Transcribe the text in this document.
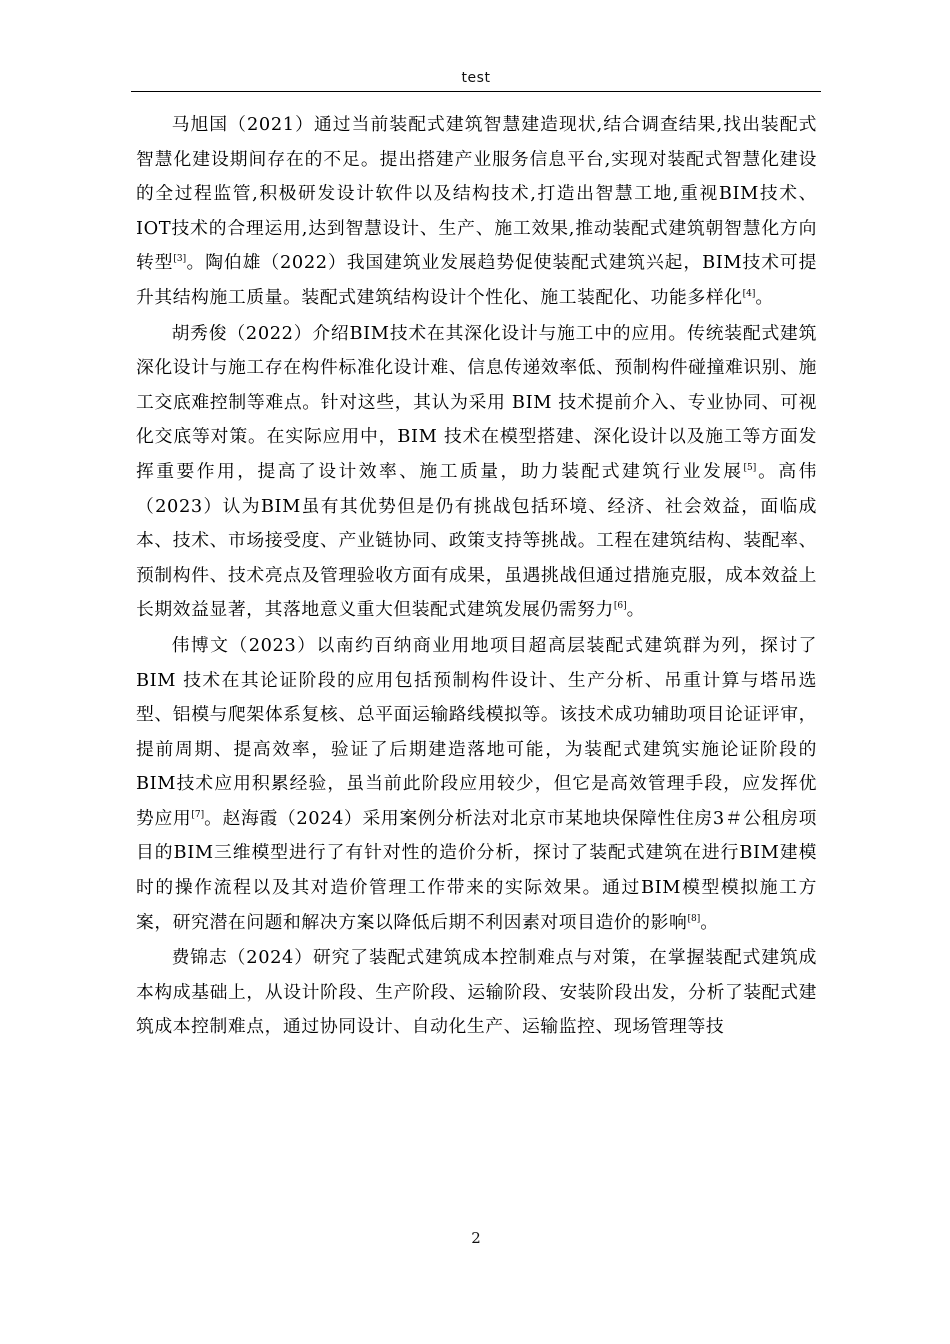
test

马旭国（2021）通过当前装配式建筑智慧建造现状,结合调查结果,找出装配式智慧化建设期间存在的不足。提出搭建产业服务信息平台,实现对装配式智慧化建设的全过程监管,积极研发设计软件以及结构技术,打造出智慧工地,重视BIM技术、IOT技术的合理运用,达到智慧设计、生产、施工效果,推动装配式建筑朝智慧化方向转型[3]。陶伯雄（2022）我国建筑业发展趋势促使装配式建筑兴起，BIM技术可提升其结构施工质量。装配式建筑结构设计个性化、施工装配化、功能多样化[4]。

胡秀俊（2022）介绍BIM技术在其深化设计与施工中的应用。传统装配式建筑深化设计与施工存在构件标准化设计难、信息传递效率低、预制构件碰撞难识别、施工交底难控制等难点。针对这些，其认为采用 BIM 技术提前介入、专业协同、可视化交底等对策。在实际应用中，BIM 技术在模型搭建、深化设计以及施工等方面发挥重要作用，提高了设计效率、施工质量，助力装配式建筑行业发展[5]。高伟（2023）认为BIM虽有其优势但是仍有挑战包括环境、经济、社会效益，面临成本、技术、市场接受度、产业链协同、政策支持等挑战。工程在建筑结构、装配率、预制构件、技术亮点及管理验收方面有成果，虽遇挑战但通过措施克服，成本效益上长期效益显著，其落地意义重大但装配式建筑发展仍需努力[6]。

伟博文（2023）以南约百纳商业用地项目超高层装配式建筑群为列，探讨了 BIM 技术在其论证阶段的应用包括预制构件设计、生产分析、吊重计算与塔吊选型、铝模与爬架体系复核、总平面运输路线模拟等。该技术成功辅助项目论证评审，提前周期、提高效率，验证了后期建造落地可能，为装配式建筑实施论证阶段的BIM技术应用积累经验，虽当前此阶段应用较少，但它是高效管理手段，应发挥优势应用[7]。赵海霞（2024）采用案例分析法对北京市某地块保障性住房3＃公租房项目的BIM三维模型进行了有针对性的造价分析，探讨了装配式建筑在进行BIM建模时的操作流程以及其对造价管理工作带来的实际效果。通过BIM模型模拟施工方案，研究潜在问题和解决方案以降低后期不利因素对项目造价的影响[8]。

费锦志（2024）研究了装配式建筑成本控制难点与对策，在掌握装配式建筑成本构成基础上，从设计阶段、生产阶段、运输阶段、安装阶段出发，分析了装配式建筑成本控制难点，通过协同设计、自动化生产、运输监控、现场管理等技

2
